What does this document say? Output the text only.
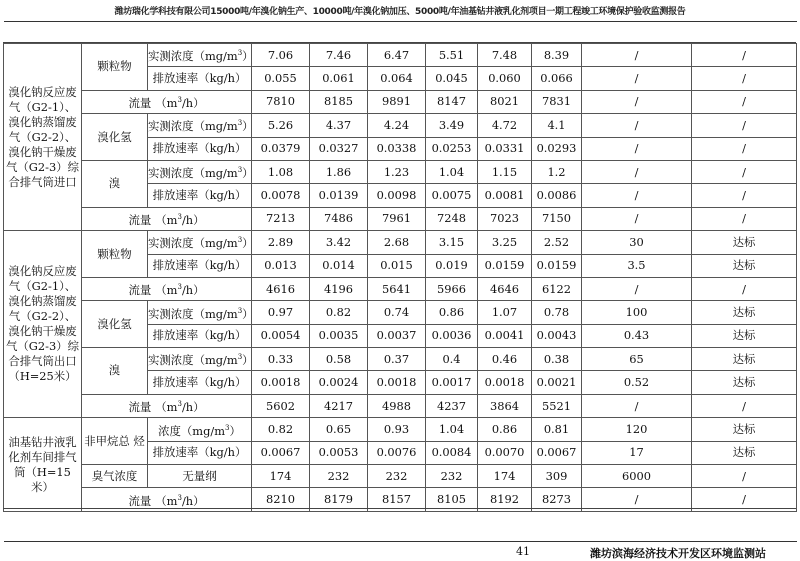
潍坊瑞化学科技有限公司15000吨/年溴化钠生产、10000吨/年溴化钠加压、5000吨/年油基钻井液乳化剂项目一期工程竣工环境保护验收监测报告
溴化钠反应废气（G2-1）、溴化钠蒸馏废气（G2-2）、溴化钠干燥废气（G2-3）综合排气筒进口	颗粒物	实测浓度$(mg/m^3)$	7.06	7.46	6.47	5.51	7.48	8.39	/	/
		排放速率（kg/h）	0.055	0.061	0.064	0.045	0.060	0.066	/	/
	流量 $(m^3/h)$		7810	8185	9891	8147	8021	7831	/	/
	溴化氢	实测浓度$(mg/m^3)$	5.26	4.37	4.24	3.49	4.72	4.1	/	/
		排放速率（kg/h）	0.0379	0.0327	0.0338	0.0253	0.0331	0.0293	/	/
	溴	实测浓度$(mg/m^3)$	1.08	1.86	1.23	1.04	1.15	1.2	/	/
		排放速率（kg/h）	0.0078	0.0139	0.0098	0.0075	0.0081	0.0086	/	/
	流量 $(m^3/h)$		7213	7486	7961	7248	7023	7150	/	/
溴化钠反应废气（G2-1）、溴化钠蒸馏废气（G2-2）、溴化钠干燥废气（G2-3）综合排气筒出口（H=25米）	颗粒物	实测浓度$(mg/m^3)$	2.89	3.42	2.68	3.15	3.25	2.52	30	达标
		排放速率（kg/h）	0.013	0.014	0.015	0.019	0.0159	0.0159	3.5	达标
	流量 $(m^3/h)$		4616	4196	5641	5966	4646	6122	/	/
	溴化氢	实测浓度$(mg/m^3)$	0.97	0.82	0.74	0.86	1.07	0.78	100	达标
		排放速率（kg/h）	0.0054	0.0035	0.0037	0.0036	0.0041	0.0043	0.43	达标
	溴	实测浓度$(mg/m^3)$	0.33	0.58	0.37	0.4	0.46	0.38	65	达标
		排放速率（kg/h）	0.0018	0.0024	0.0018	0.0017	0.0018	0.0021	0.52	达标
	流量 $(m^3/h)$		5602	4217	4988	4237	3864	5521	/	/
油基钻井液乳化剂车间排气筒（H=15 米）	非甲烷总 烃	浓度$(mg/m^3)$	0.82	0.65	0.93	1.04	0.86	0.81	120	达标
		排放速率（kg/h）	0.0067	0.0053	0.0076	0.0084	0.0070	0.0067	17	达标
	臭气浓度	无量纲	174	232	232	232	174	309	6000	/
	流量 $(m^3/h)$		8210	8179	8157	8105	8192	8273	/	/
41	潍坊滨海经济技术开发区环境监测站
